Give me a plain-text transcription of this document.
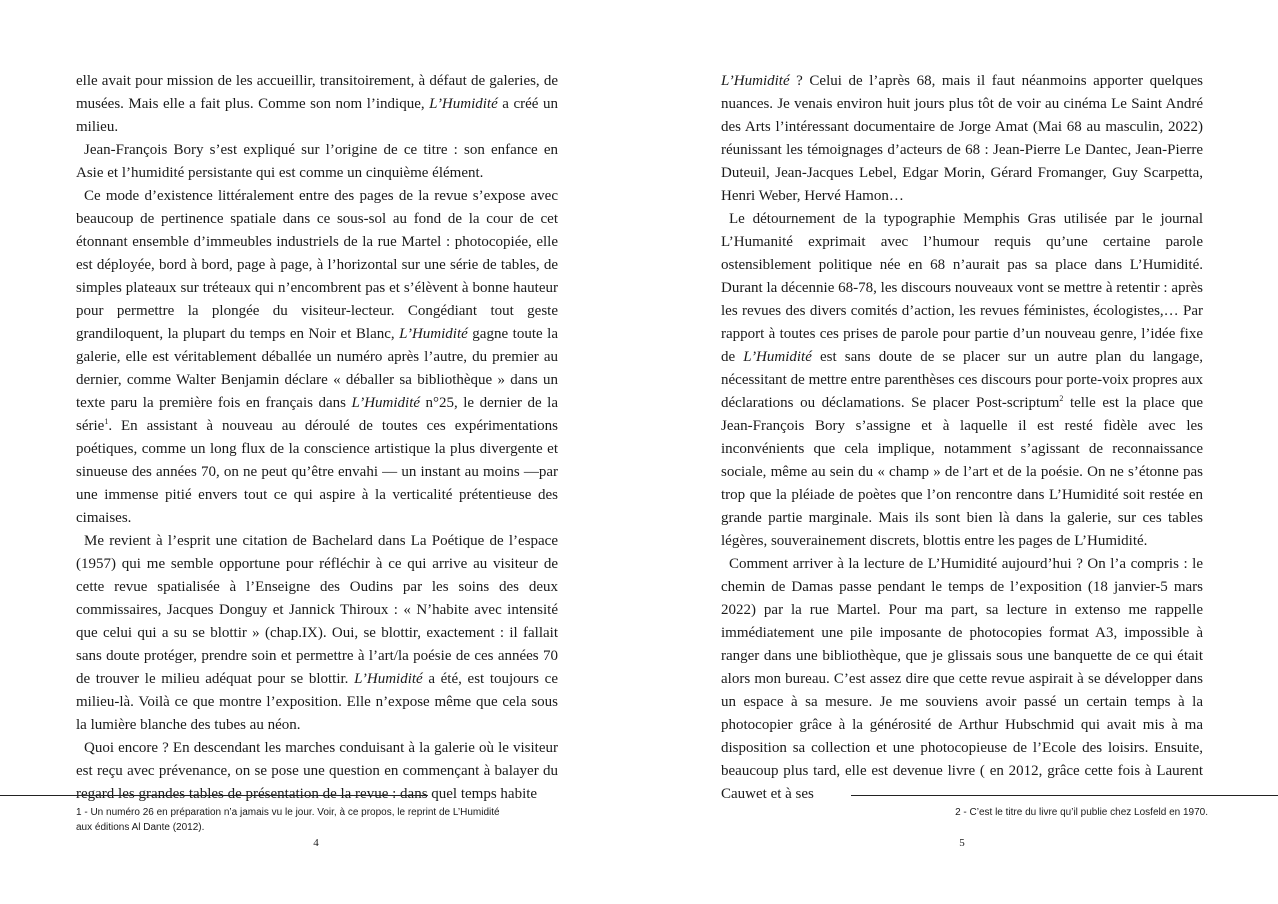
elle avait pour mission de les accueillir, transitoirement, à défaut de galeries, de musées. Mais elle a fait plus. Comme son nom l’indique, L’Humidité a créé un milieu.

Jean-François Bory s’est expliqué sur l’origine de ce titre : son enfance en Asie et l’humidité persistante qui est comme un cinquième élément.

Ce mode d’existence littéralement entre des pages de la revue s’expose avec beaucoup de pertinence spatiale dans ce sous-sol au fond de la cour de cet étonnant ensemble d’immeubles industriels de la rue Martel : photocopiée, elle est déployée, bord à bord, page à page, à l’horizontal sur une série de tables, de simples plateaux sur tréteaux qui n’encombrent pas et s’élèvent à bonne hauteur pour permettre la plongée du visiteur-lecteur. Congédiant tout geste grandiloquent, la plupart du temps en Noir et Blanc, L’Humidité gagne toute la galerie, elle est véritablement déballée un numéro après l’autre, du premier au dernier, comme Walter Benjamin déclare « déballer sa bibliothèque » dans un texte paru la première fois en français dans L’Humidité n°25, le dernier de la série$^1$. En assistant à nouveau au déroulé de toutes ces expérimentations poétiques, comme un long flux de la conscience artistique la plus divergente et sinueuse des années 70, on ne peut qu’être envahi — un instant au moins —par une immense pitié envers tout ce qui aspire à la verticalité prétentieuse des cimaises.

Me revient à l’esprit une citation de Bachelard dans La Poétique de l’espace (1957) qui me semble opportune pour réfléchir à ce qui arrive au visiteur de cette revue spatialisée à l’Enseigne des Oudins par les soins des deux commissaires, Jacques Donguy et Jannick Thiroux : « N’habite avec intensité que celui qui a su se blottir » (chap.IX). Oui, se blottir, exactement : il fallait sans doute protéger, prendre soin et permettre à l’art/la poésie de ces années 70 de trouver le milieu adéquat pour se blottir. L’Humidité a été, est toujours ce milieu-là. Voilà ce que montre l’exposition. Elle n’expose même que cela sous la lumière blanche des tubes au néon.

Quoi encore ? En descendant les marches conduisant à la galerie où le visiteur est reçu avec prévenance, on se pose une question en commençant à balayer du regard les grandes tables de présentation de la revue : dans quel temps habite

1 - Un numéro 26 en préparation n’a jamais vu le jour. Voir, à ce propos, le reprint de L’Humidité
aux éditions Al Dante (2012).
4

L’Humidité ? Celui de l’après 68, mais il faut néanmoins apporter quelques nuances. Je venais environ huit jours plus tôt de voir au cinéma Le Saint André des Arts l’intéressant documentaire de Jorge Amat (Mai 68 au masculin, 2022) réunissant les témoignages d’acteurs de 68 : Jean-Pierre Le Dantec, Jean-Pierre Duteuil, Jean-Jacques Lebel, Edgar Morin, Gérard Fromanger, Guy Scarpetta, Henri Weber, Hervé Hamon…

Le détournement de la typographie Memphis Gras utilisée par le journal L’Humanité exprimait avec l’humour requis qu’une certaine parole ostensiblement politique née en 68 n’aurait pas sa place dans L’Humidité. Durant la décennie 68-78, les discours nouveaux vont se mettre à retentir : après les revues des divers comités d’action, les revues féministes, écologistes,… Par rapport à toutes ces prises de parole pour partie d’un nouveau genre, l’idée fixe de L’Humidité est sans doute de se placer sur un autre plan du langage, nécessitant de mettre entre parenthèses ces discours pour porte-voix propres aux déclarations ou déclamations. Se placer Post-scriptum$^2$ telle est la place que Jean-François Bory s’assigne et à laquelle il est resté fidèle avec les inconvénients que cela implique, notamment s’agissant de reconnaissance sociale, même au sein du « champ » de l’art et de la poésie. On ne s’étonne pas trop que la pléiade de poètes que l’on rencontre dans L’Humidité soit restée en grande partie marginale. Mais ils sont bien là dans la galerie, sur ces tables légères, souverainement discrets, blottis entre les pages de L’Humidité.

Comment arriver à la lecture de L’Humidité aujourd’hui ? On l’a compris : le chemin de Damas passe pendant le temps de l’exposition (18 janvier-5 mars 2022) par la rue Martel. Pour ma part, sa lecture in extenso me rappelle immédiatement une pile imposante de photocopies format A3, impossible à ranger dans une bibliothèque, que je glissais sous une banquette de ce qui était alors mon bureau. C’est assez dire que cette revue aspirait à se développer dans un espace à sa mesure. Je me souviens avoir passé un certain temps à la photocopier grâce à la générosité de Arthur Hubschmid qui avait mis à ma disposition sa collection et une photocopieuse de l’Ecole des loisirs. Ensuite, beaucoup plus tard, elle est devenue livre ( en 2012, grâce cette fois à Laurent Cauwet et à ses

2 - C’est le titre du livre qu’il publie chez Losfeld en 1970.
5
